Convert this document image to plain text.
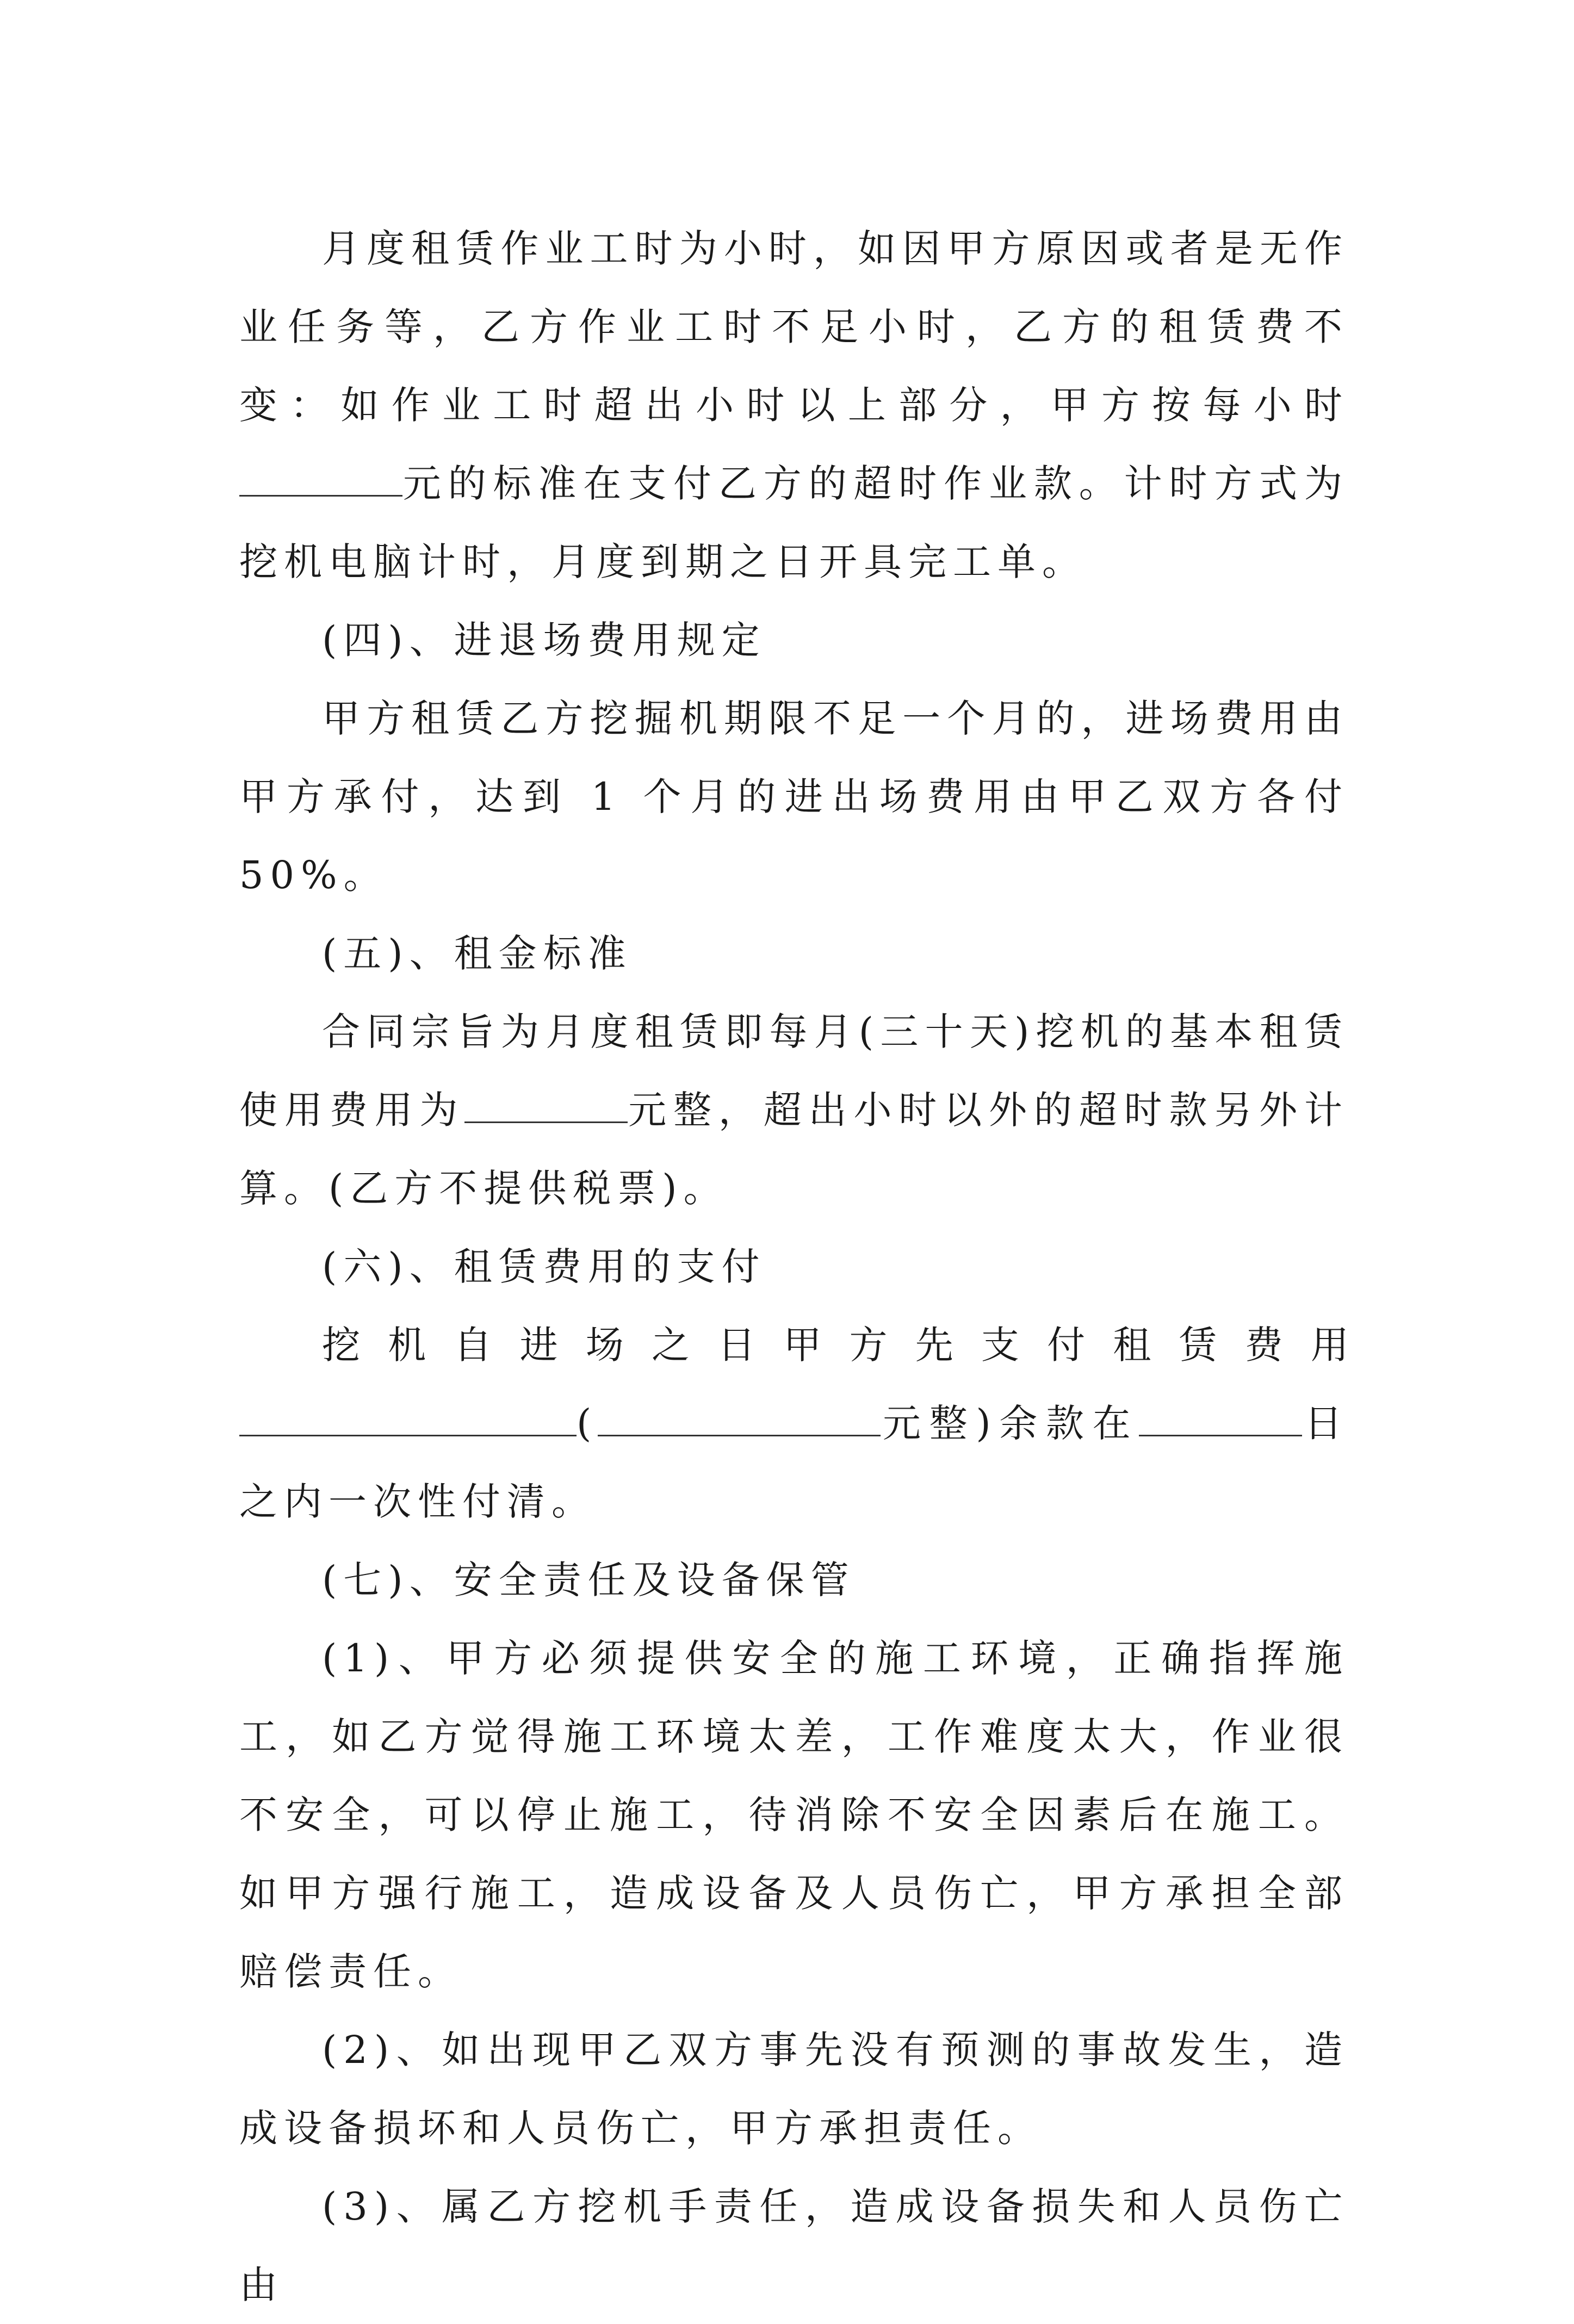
月度租赁作业工时为小时，如因甲方原因或者是无作业任务等，乙方作业工时不足小时，乙方的租赁费不变：如作业工时超出小时以上部分，甲方按每小时元的标准在支付乙方的超时作业款。计时方式为挖机电脑计时，月度到期之日开具完工单。

(四)、进退场费用规定

甲方租赁乙方挖掘机期限不足一个月的，进场费用由甲方承付，达到 1 个月的进出场费用由甲乙双方各付 50%。

(五)、租金标准

合同宗旨为月度租赁即每月(三十天)挖机的基本租赁使用费用为	元整，超出小时以外的超时款另外计算。(乙方不提供税票)。

(六)、租赁费用的支付

挖 机 自 进 场 之 日 甲 方 先 支 付 租 赁 费 用

(	元整)余款在	日之内一次性付清。

(七)、安全责任及设备保管

(1)、甲方必须提供安全的施工环境，正确指挥施工，如乙方觉得施工环境太差，工作难度太大，作业很不安全，可以停止施工，待消除不安全因素后在施工。如甲方强行施工，造成设备及人员伤亡，甲方承担全部赔偿责任。

(2)、如出现甲乙双方事先没有预测的事故发生，造成设备损坏和人员伤亡，甲方承担责任。

(3)、属乙方挖机手责任，造成设备损失和人员伤亡由
